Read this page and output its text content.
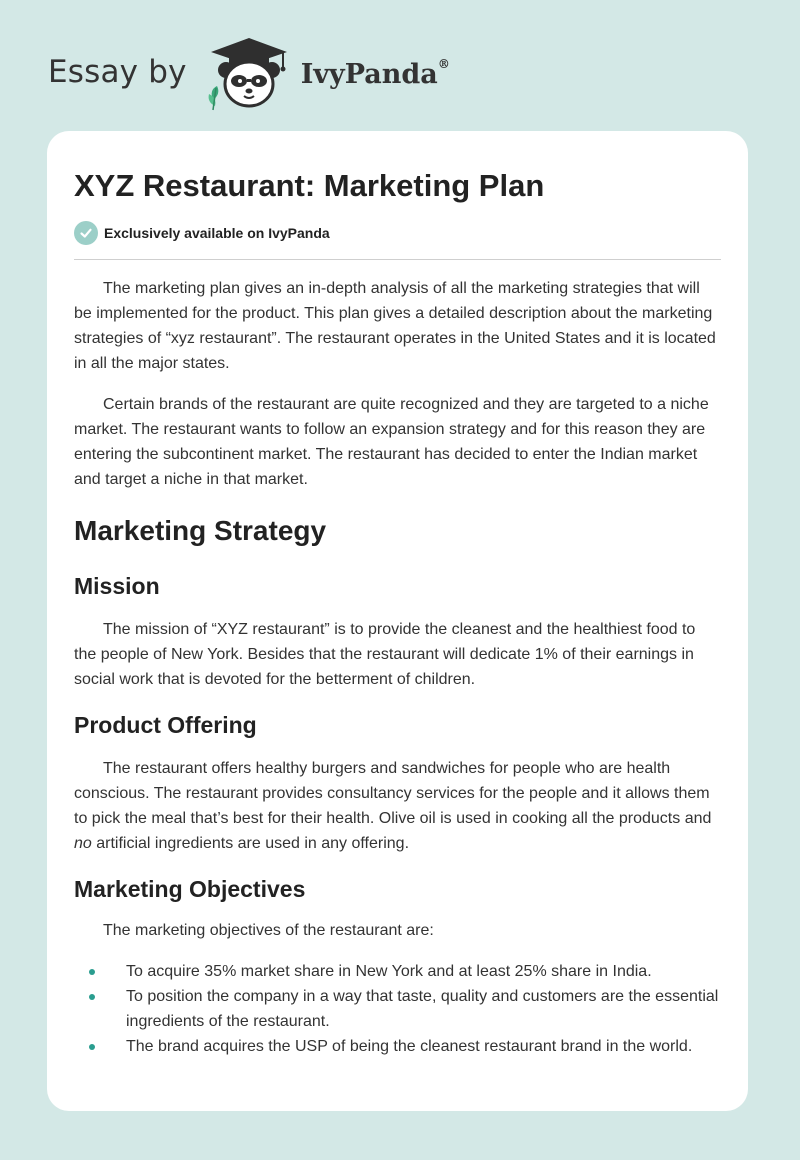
Essay by	IvyPanda®
XYZ Restaurant: Marketing Plan
Exclusively available on IvyPanda

The marketing plan gives an in-depth analysis of all the marketing strategies that will be implemented for the product. This plan gives a detailed description about the marketing strategies of “xyz restaurant”. The restaurant operates in the United States and it is located in all the major states.

Certain brands of the restaurant are quite recognized and they are targeted to a niche market. The restaurant wants to follow an expansion strategy and for this reason they are entering the subcontinent market. The restaurant has decided to enter the Indian market and target a niche in that market.

Marketing Strategy
Mission

The mission of “XYZ restaurant” is to provide the cleanest and the healthiest food to the people of New York. Besides that the restaurant will dedicate 1% of their earnings in social work that is devoted for the betterment of children.

Product Offering

The restaurant offers healthy burgers and sandwiches for people who are health conscious. The restaurant provides consultancy services for the people and it allows them to pick the meal that’s best for their health. Olive oil is used in cooking all the products and no artificial ingredients are used in any offering.

Marketing Objectives

The marketing objectives of the restaurant are:

To acquire 35% market share in New York and at least 25% share in India.
To position the company in a way that taste, quality and customers are the essential ingredients of the restaurant.
The brand acquires the USP of being the cleanest restaurant brand in the world.
